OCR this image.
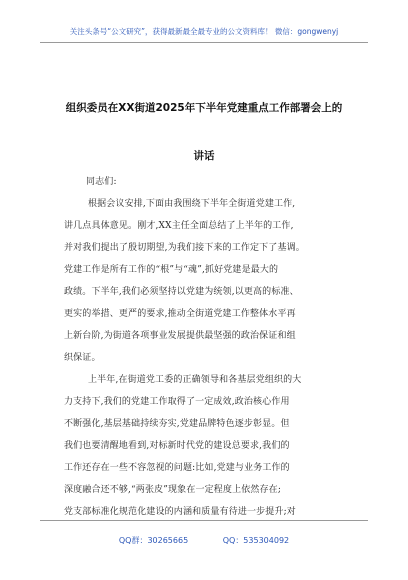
关注头条号“公文研究”，获得最新最全最专业的公文资料库！ 微信：gongwenyj
组织委员在XX街道2025年下半年党建重点工作部署会上的
讲话
同志们:
根据会议安排,下面由我围绕下半年全街道党建工作,
讲几点具体意见。刚才,XX主任全面总结了上半年的工作,
并对我们提出了殷切期望,为我们接下来的工作定下了基调。
党建工作是所有工作的“根”与“魂”,抓好党建是最大的
政绩。下半年,我们必须坚持以党建为统领,以更高的标准、
更实的举措、更严的要求,推动全街道党建工作整体水平再
上新台阶,为街道各项事业发展提供最坚强的政治保证和组
织保证。
上半年,在街道党工委的正确领导和各基层党组织的大
力支持下,我们的党建工作取得了一定成效,政治核心作用
不断强化,基层基础持续夯实,党建品牌特色逐步彰显。但
我们也要清醒地看到,对标新时代党的建设总要求,我们的
工作还存在一些不容忽视的问题:比如,党建与业务工作的
深度融合还不够,“两张皮”现象在一定程度上依然存在;
党支部标准化规范化建设的内涵和质量有待进一步提升;对
QQ群：30265665	QQ：535304092
